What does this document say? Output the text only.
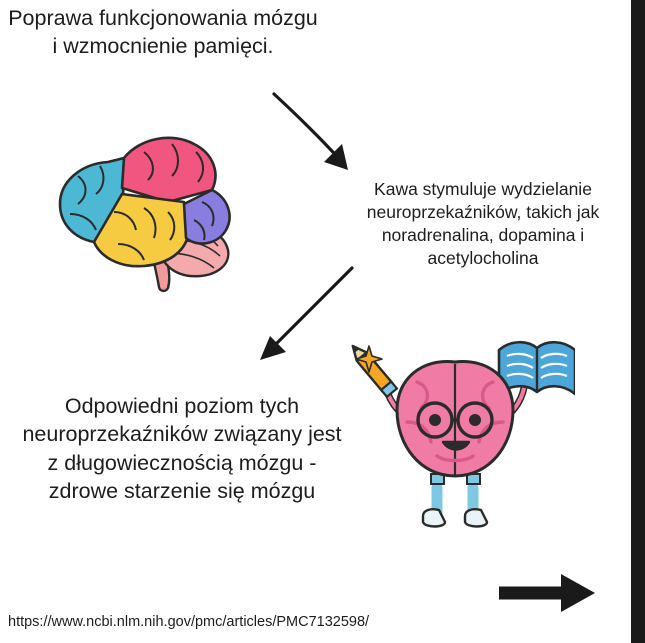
Poprawa funkcjonowania mózgu i wzmocnienie pamięci.
Kawa stymuluje wydzielanie neuroprzekaźników, takich jak noradrenalina, dopamina i acetylocholina
Odpowiedni poziom tych neuroprzekaźników związany jest z długowiecznością mózgu - zdrowe starzenie się mózgu
https://www.ncbi.nlm.nih.gov/pmc/articles/PMC7132598/
